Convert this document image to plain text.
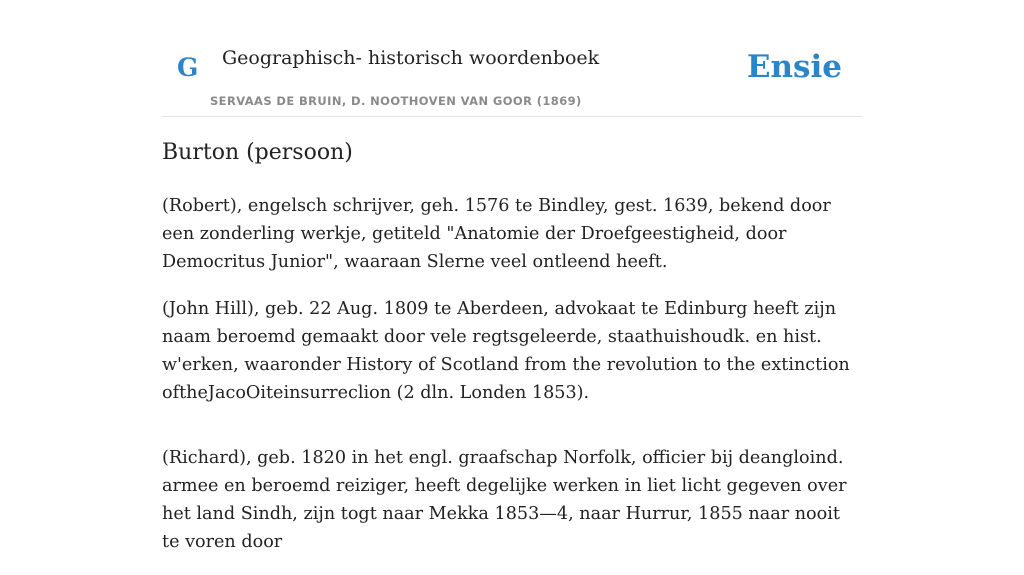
G Geographisch- historisch woordenboek
SERVAAS DE BRUIN, D. NOOTHOVEN VAN GOOR (1869)
Ensie
Burton (persoon)

(Robert), engelsch schrijver, geh. 1576 te Bindley, gest. 1639, bekend door een zonderling werkje, getiteld "Anatomie der Droefgeestigheid, door Democritus Junior", waaraan Slerne veel ontleend heeft.

(John Hill), geb. 22 Aug. 1809 te Aberdeen, advokaat te Edinburg heeft zijn naam beroemd gemaakt door vele regtsgeleerde, staathuishoudk. en hist. w'erken, waaronder History of Scotland from the revolution to the extinction oftheJacoOiteinsurreclion (2 dln. Londen 1853).

(Richard), geb. 1820 in het engl. graafschap Norfolk, officier bij deangloind. armee en beroemd reiziger, heeft degelijke werken in liet licht gegeven over het land Sindh, zijn togt naar Mekka 1853—4, naar Hurrur, 1855 naar nooit te voren door
